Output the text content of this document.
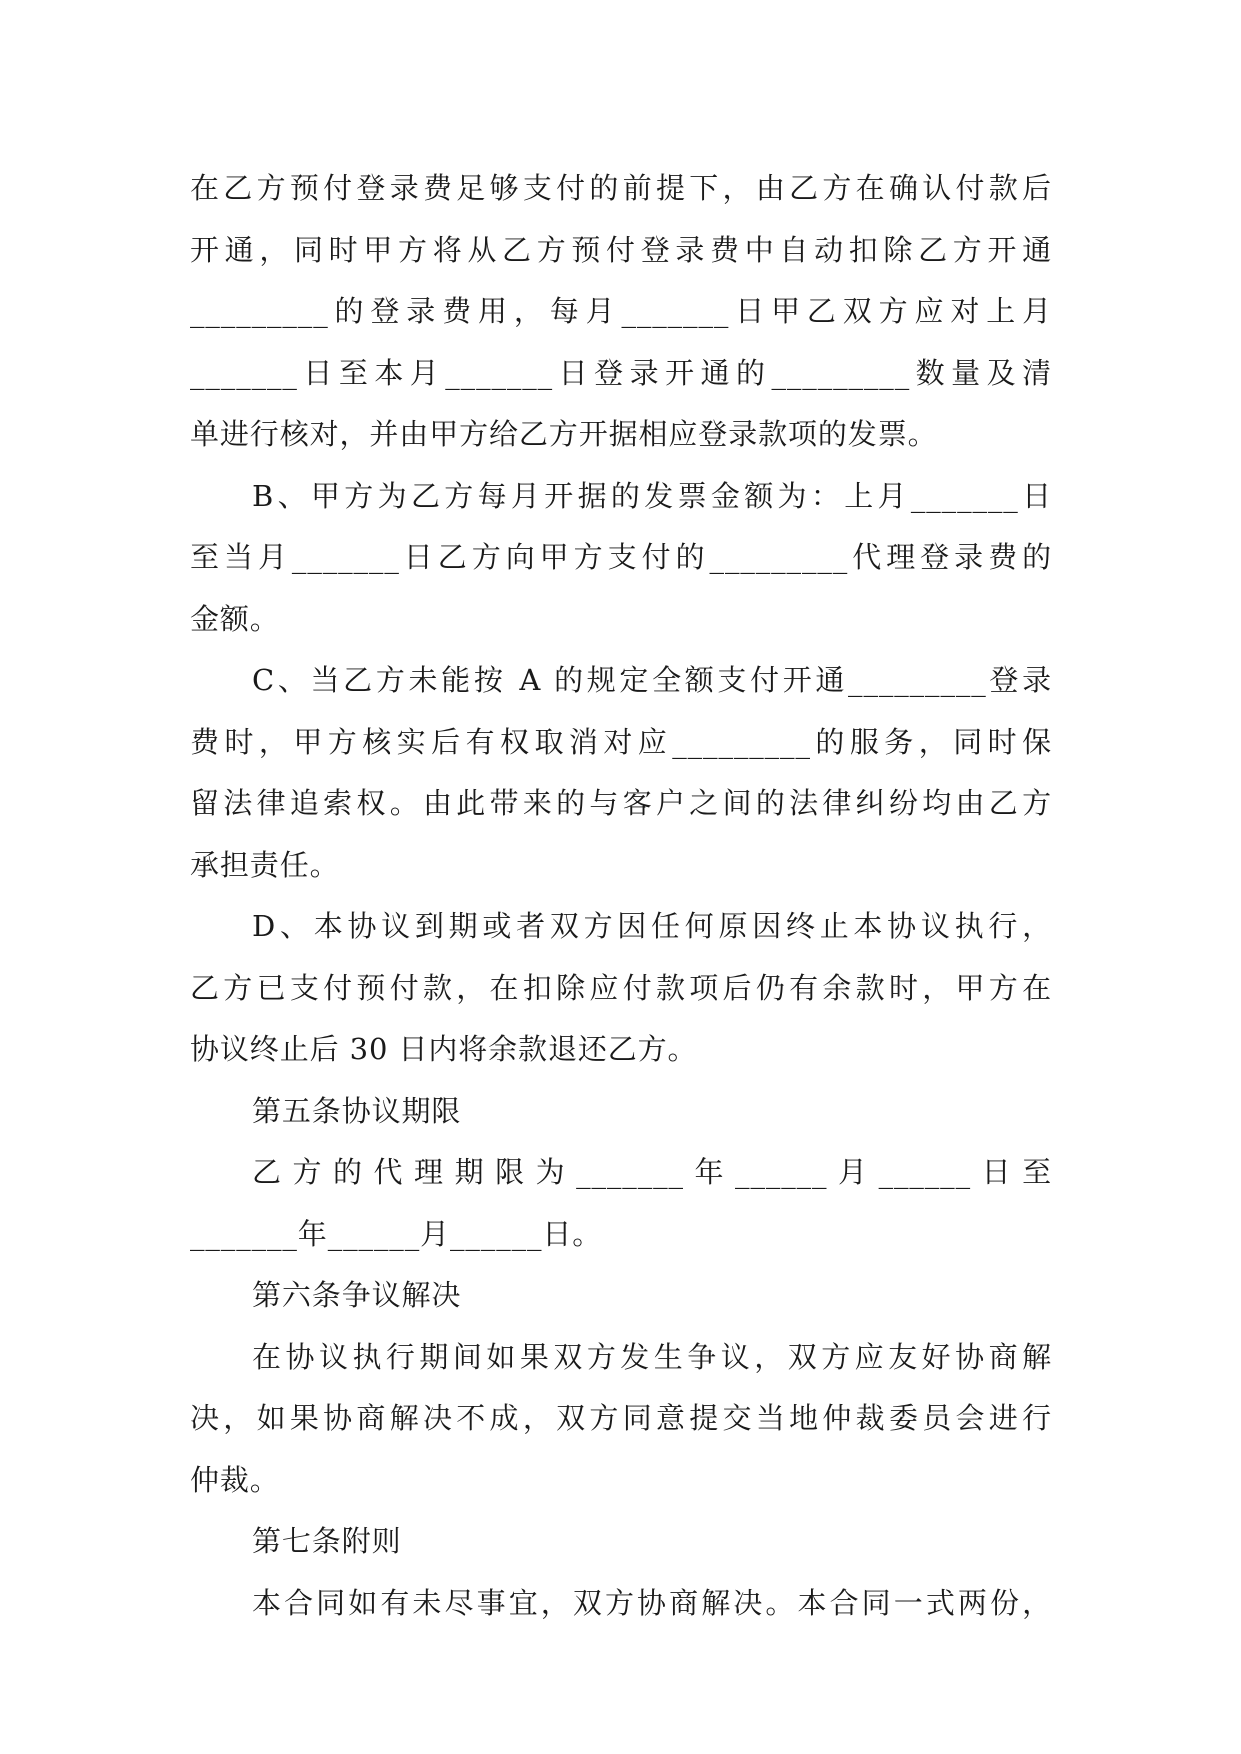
在乙方预付登录费足够支付的前提下，由乙方在确认付款后
开通，同时甲方将从乙方预付登录费中自动扣除乙方开通
_________的登录费用，每月_______日甲乙双方应对上月
_______日至本月_______日登录开通的_________数量及清
单进行核对，并由甲方给乙方开据相应登录款项的发票。
B、甲方为乙方每月开据的发票金额为：上月_______日
至当月_______日乙方向甲方支付的_________代理登录费的
金额。
C、当乙方未能按 A 的规定全额支付开通_________登录
费时，甲方核实后有权取消对应_________的服务，同时保
留法律追索权。由此带来的与客户之间的法律纠纷均由乙方
承担责任。
D、本协议到期或者双方因任何原因终止本协议执行，
乙方已支付预付款，在扣除应付款项后仍有余款时，甲方在
协议终止后 30 日内将余款退还乙方。
第五条协议期限
乙方的代理期限为_______年______月______日至
_______年______月______日。
第六条争议解决
在协议执行期间如果双方发生争议，双方应友好协商解
决，如果协商解决不成，双方同意提交当地仲裁委员会进行
仲裁。
第七条附则
本合同如有未尽事宜，双方协商解决。本合同一式两份，
